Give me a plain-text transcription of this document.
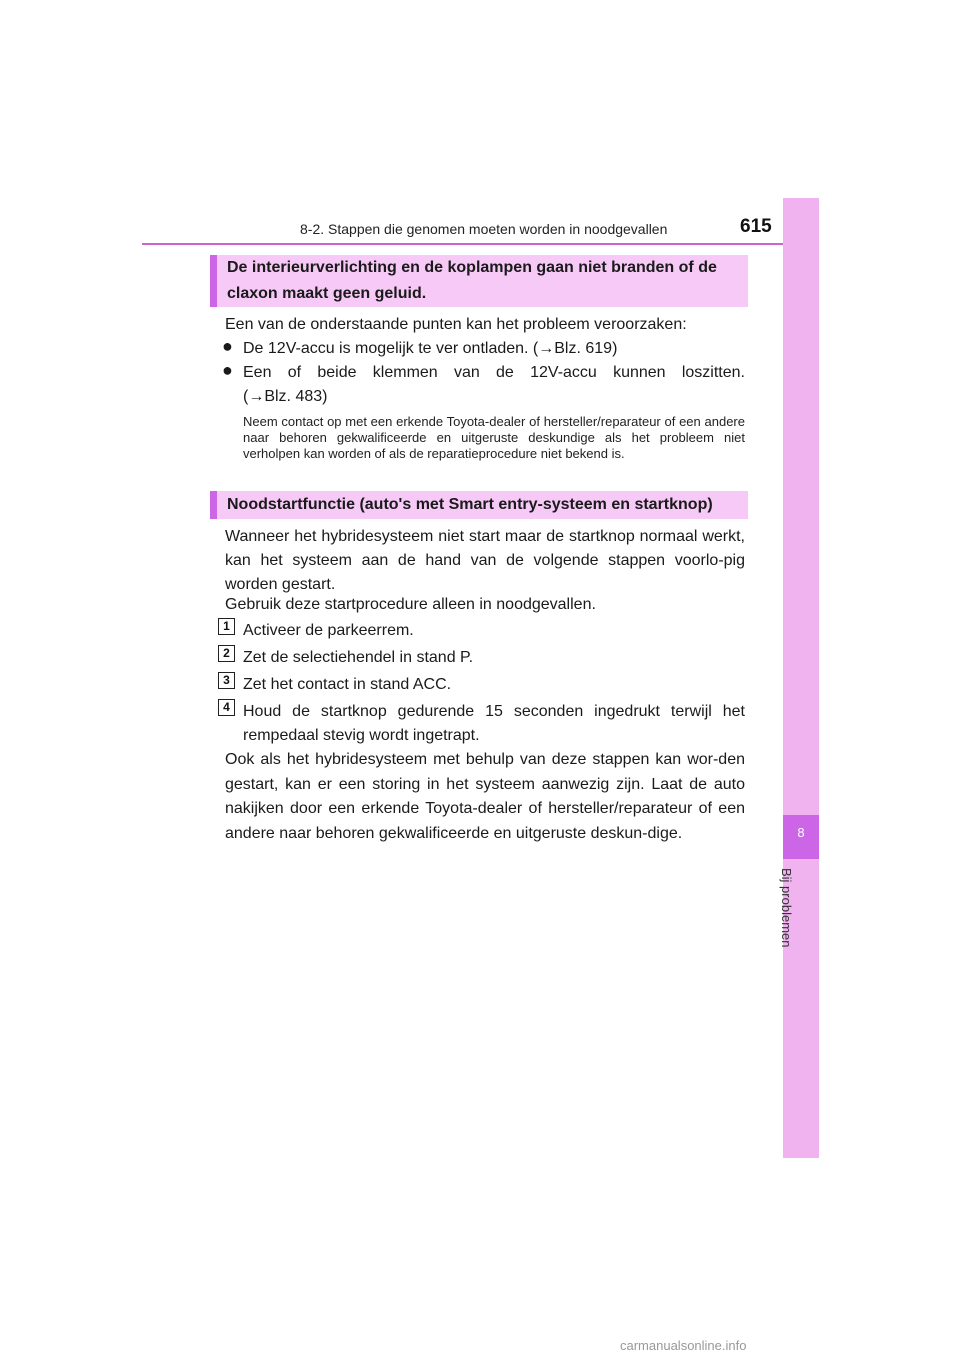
8-2. Stappen die genomen moeten worden in noodgevallen	615
8
Bij problemen
De interieurverlichting en de koplampen gaan niet branden of de
claxon maakt geen geluid.
Een van de onderstaande punten kan het probleem veroorzaken:
● De 12V-accu is mogelijk te ver ontladen. (→Blz. 619)
● Een of beide klemmen van de 12V-accu kunnen loszitten.
(→Blz. 483)
Neem contact op met een erkende Toyota-dealer of hersteller/reparateur of een andere naar behoren gekwalificeerde en uitgeruste deskundige als het probleem niet verholpen kan worden of als de reparatieprocedure niet bekend is.
Noodstartfunctie (auto's met Smart entry-systeem en startknop)
Wanneer het hybridesysteem niet start maar de startknop normaal werkt, kan het systeem aan de hand van de volgende stappen voorlo-pig worden gestart.
Gebruik deze startprocedure alleen in noodgevallen.
1 Activeer de parkeerrem.
2 Zet de selectiehendel in stand P.
3 Zet het contact in stand ACC.
4 Houd de startknop gedurende 15 seconden ingedrukt terwijl het rempedaal stevig wordt ingetrapt.
Ook als het hybridesysteem met behulp van deze stappen kan wor-den gestart, kan er een storing in het systeem aanwezig zijn. Laat de auto nakijken door een erkende Toyota-dealer of hersteller/reparateur of een andere naar behoren gekwalificeerde en uitgeruste deskun-dige.
carmanualsonline.info
